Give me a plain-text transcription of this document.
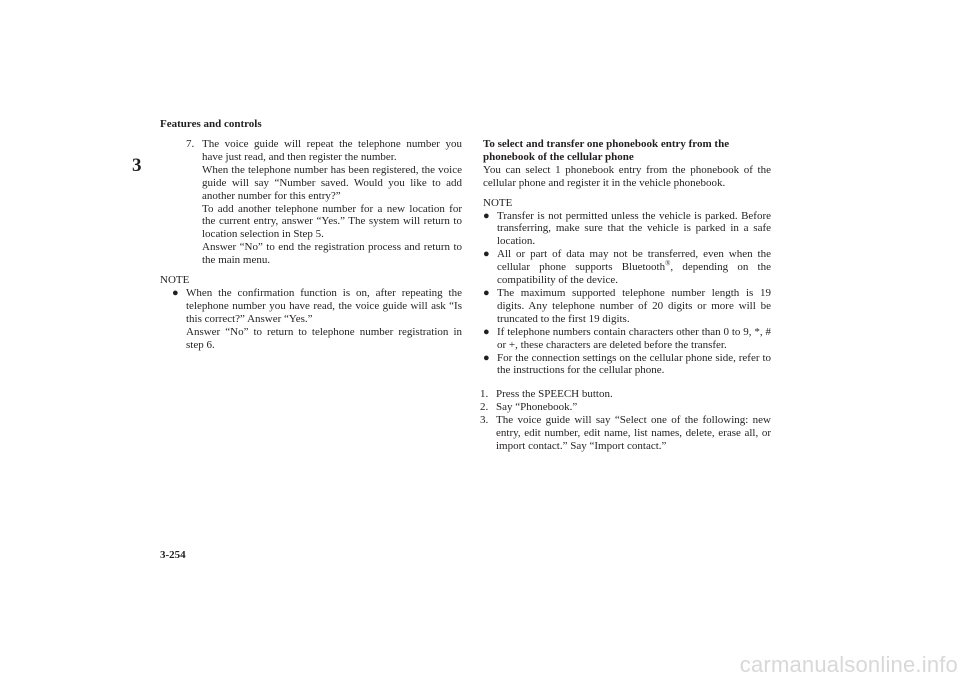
Features and controls
3
7. The voice guide will repeat the telephone number you have just read, and then register the number.

When the telephone number has been registered, the voice guide will say “Number saved. Would you like to add another number for this entry?”

To add another telephone number for a new location for the current entry, answer “Yes.” The system will return to location selection in Step 5.

Answer “No” to end the registration process and return to the main menu.

NOTE
● When the confirmation function is on, after repeating the telephone number you have read, the voice guide will ask “Is this correct?” Answer “Yes.”

Answer “No” to return to telephone number registration in step 6.

To select and transfer one phonebook entry from the phonebook of the cellular phone

You can select 1 phonebook entry from the phonebook of the cellular phone and register it in the vehicle phonebook.

NOTE
● Transfer is not permitted unless the vehicle is parked. Before transferring, make sure that the vehicle is parked in a safe location.

● All or part of data may not be transferred, even when the cellular phone supports Bluetooth®, depending on the compatibility of the device.

● The maximum supported telephone number length is 19 digits. Any telephone number of 20 digits or more will be truncated to the first 19 digits.

● If telephone numbers contain characters other than 0 to 9, *, # or +, these characters are deleted before the transfer.

● For the connection settings on the cellular phone side, refer to the instructions for the cellular phone.

1. Press the SPEECH button.

2. Say “Phonebook.”

3. The voice guide will say “Select one of the following: new entry, edit number, edit name, list names, delete, erase all, or import contact.” Say “Import contact.”

3-254
carmanualsonline.info
